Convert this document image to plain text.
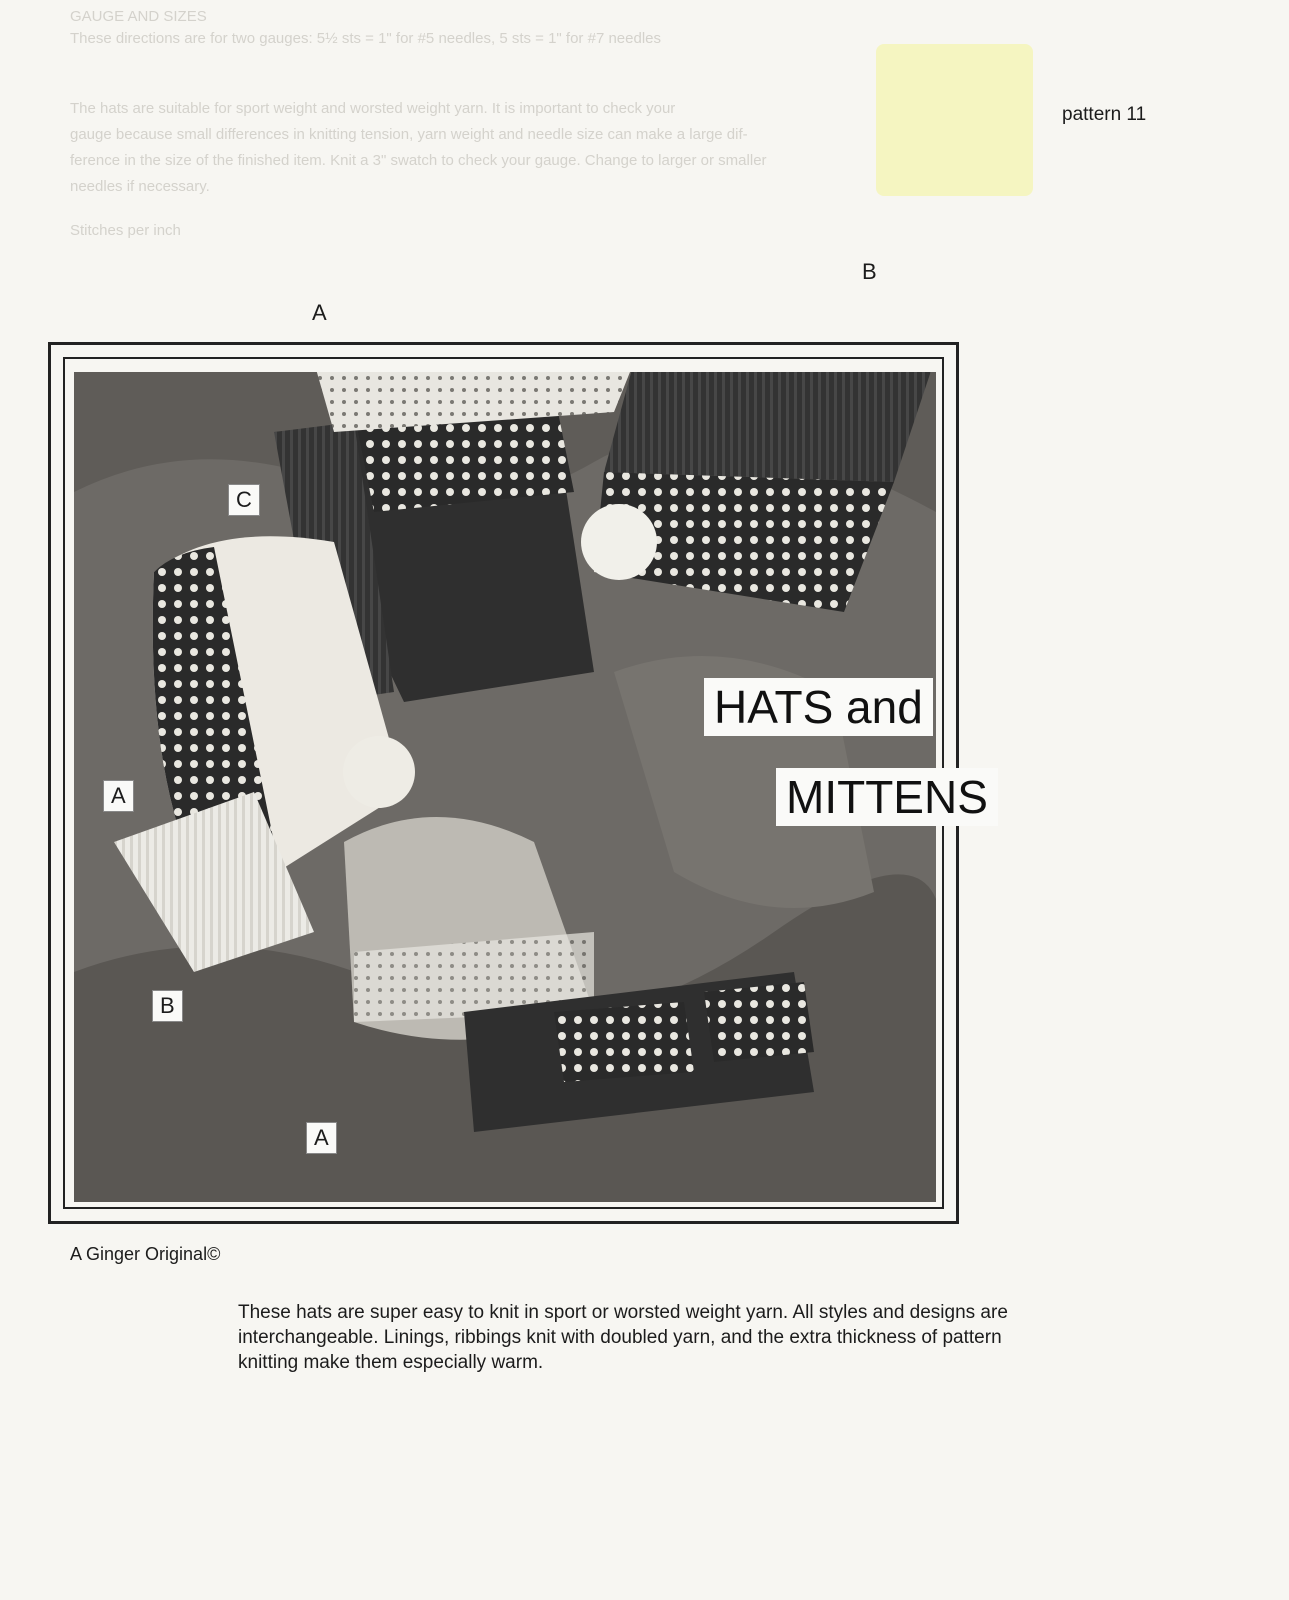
GAUGE AND SIZES
These directions are for two gauges: 5½ sts = 1" for #5 needles, 5 sts = 1" for #7 needles
The hats are suitable for sport weight and worsted weight yarn. It is important to check your
gauge because small differences in knitting tension, yarn weight and needle size can make a large dif-
ference in the size of the finished item. Knit a 3" swatch to check your gauge. Change to larger or smaller
needles if necessary.
Stitches per inch
pattern 11
A
B
C
A
B
A
HATS and
MITTENS
A Ginger Original©
These hats are super easy to knit in sport or worsted weight yarn. All styles and designs are interchangeable. Linings, ribbings knit with doubled yarn, and the extra thickness of pattern knitting make them especially warm.
